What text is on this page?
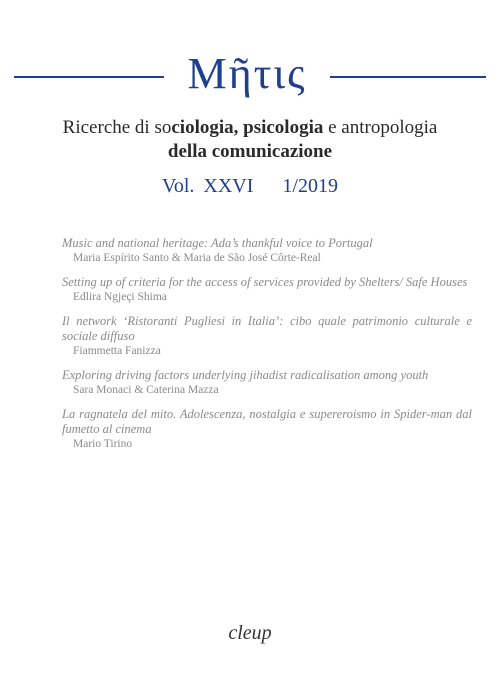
Μῆτις
Ricerche di sociologia, psicologia e antropologia
della comunicazione
Vol. XXVI 1/2019
Music and national heritage: Ada’s thankful voice to Portugal
Maria Espírito Santo & Maria de São José Côrte-Real
Setting up of criteria for the access of services provided by Shelters/ Safe Houses
Edlira Ngjeçi Shima
Il network ‘Ristoranti Pugliesi in Italia’: cibo quale patrimonio culturale e sociale diffuso
Fiammetta Fanizza
Exploring driving factors underlying jihadist radicalisation among youth
Sara Monaci & Caterina Mazza
La ragnatela del mito. Adolescenza, nostalgia e supereroismo in Spider-man dal fumetto al cinema
Mario Tirino
cleup
